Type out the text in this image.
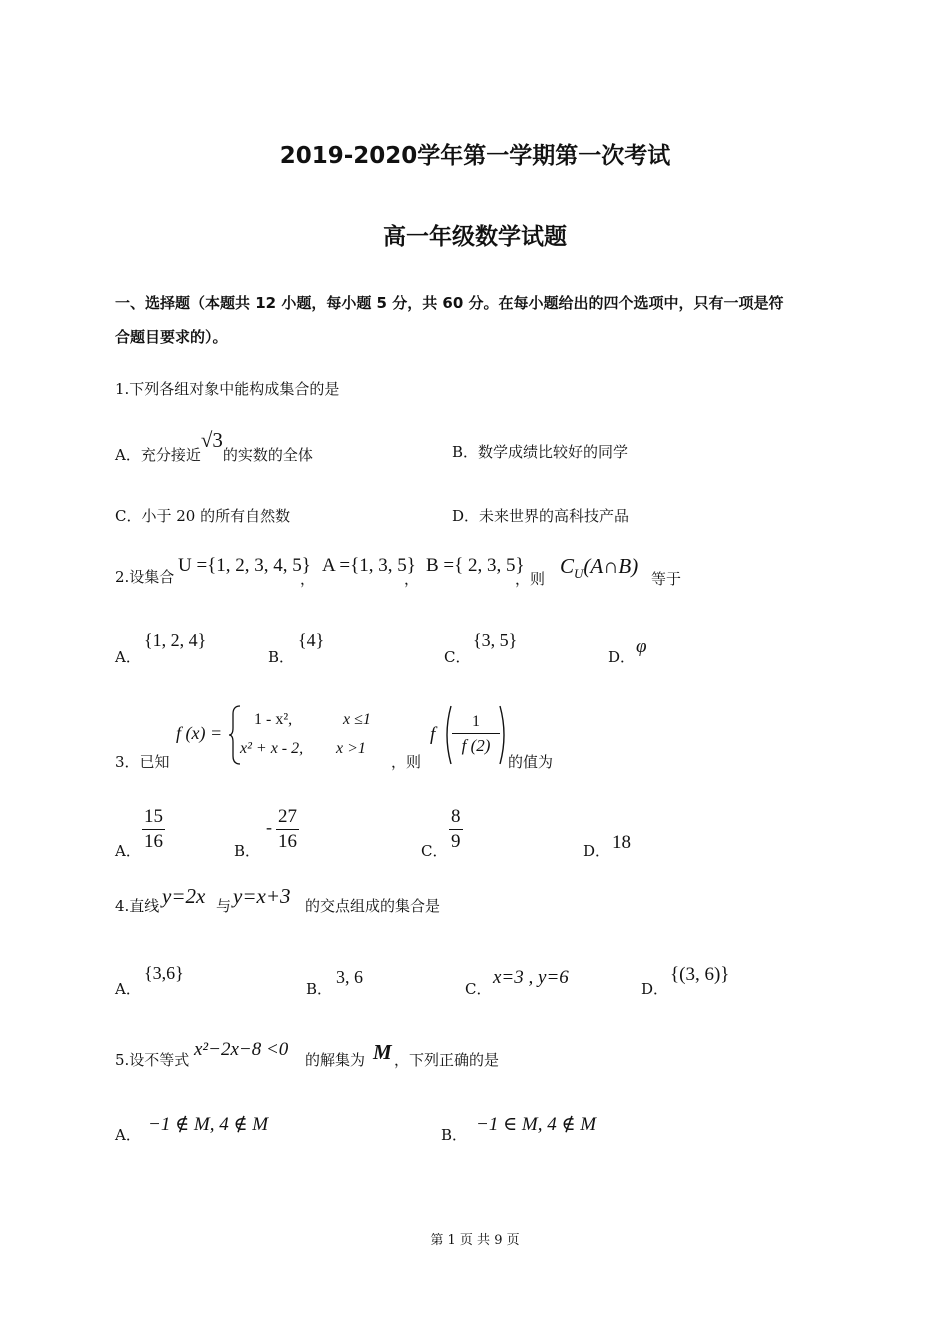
2019-2020学年第一学期第一次考试
高一年级数学试题
一、选择题（本题共 12 小题，每小题 5 分，共 60 分。在每小题给出的四个选项中，只有一项是符
合题目要求的）。
1.下列各组对象中能构成集合的是
A．充分接近√3的实数的全体	B．数学成绩比较好的同学
C．小于 20 的所有自然数	D．未来世界的高科技产品
2.设集合
U ={1, 2, 3, 4, 5}
，
A ={1, 3, 5}
，
B ={ 2, 3, 5}
，则
$C_U(A\cap B)$
等于
A．
{1, 2, 4}
B．
{4}
C．
{3, 5}
D． φ
3．已知
f (x) =
1 - x²,	x ≤1
x² + x - 2, x >1
，则
f
1
f (2)
的值为
A． $\frac{15}{16}$	B．
- $\frac{27}{16}$	C． $\frac{8}{9}$	D． 18
4.直线 y=2x 与 y=x+3 的交点组成的集合是
A．
{3,6}
B．
3, 6
C．
x=3 , y=6
D．
{(3, 6)}
5.设不等式 x²−2x−8 <0 的解集为 M ，下列正确的是
A． −1 ∉ M, 4 ∉ M	B． −1 ∈ M, 4 ∉ M
第 1 页 共 9 页
